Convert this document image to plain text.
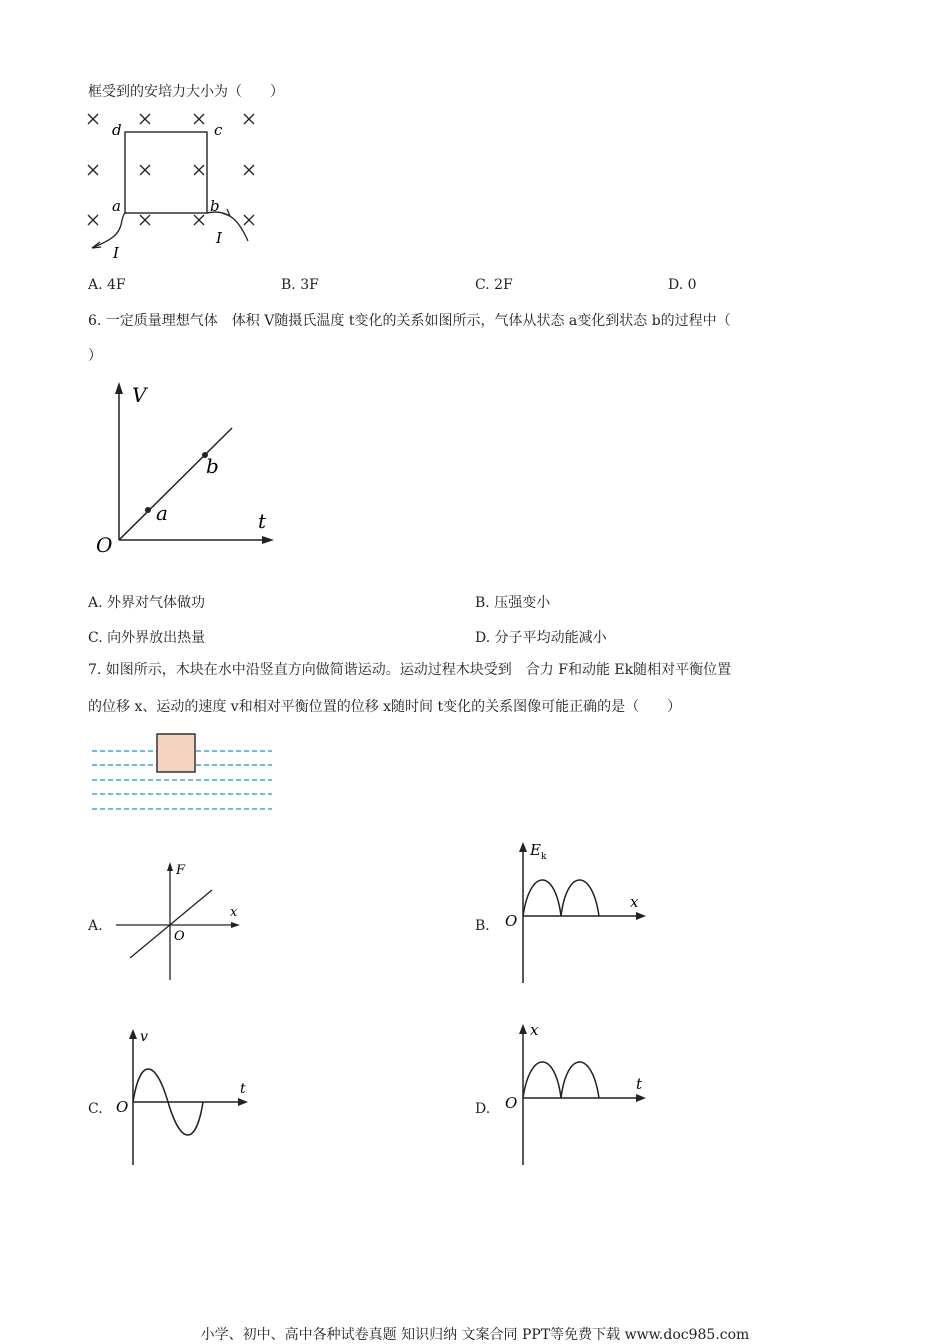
框受到的安培力大小为（　　）
d	c
a	b
I
I
A. 4F	B. 3F	C. 2F	D. 0
6. 一定质量理想气体　体积 V随摄氏温度 t变化的关系如图所示，气体从状态 a变化到状态 b的过程中（
）
V
t
O
a
b
A. 外界对气体做功	B. 压强变小
C. 向外界放出热量	D. 分子平均动能减小
7. 如图所示，木块在水中沿竖直方向做简谐运动。运动过程木块受到　合力 F和动能 Ek随相对平衡位置
的位移 x、运动的速度 v和相对平衡位置的位移 x随时间 t变化的关系图像可能正确的是（　　）
A.
F
x
O
B.
E k
x
O
C.
v
t
O	D.
x
t
O
小学、初中、高中各种试卷真题 知识归纳 文案合同 PPT等免费下载 www.doc985.com
